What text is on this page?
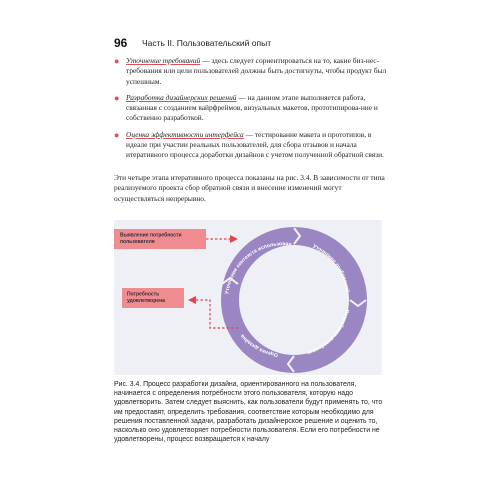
96 Часть II. Пользовательский опыт
● Уточнение требований — здесь следует сориентироваться на то, какие биз-нес-требования или цели пользователей должны быть достигнуты, чтобы продукт был успешным.
● Разработка дизайнерских решений — на данном этапе выполняется работа, связанная с созданием вайрфреймов, визуальных макетов, прототипирова-ние и собственно разработкой.
● Оценка эффективности интерфейса — тестирование макета и прототипов, в идеале при участии реальных пользователей, для сбора отзывов и начала итеративного процесса доработки дизайнов с учетом полученной обратной связи.
Эти четыре этапа итеративного процесса показаны на рис. 3.4. В зависимости от типа реализуемого проекта сбор обратной связи и внесение изменений могут осуществляться непрерывно.
Уточнение контекста использован	Уточнение требований
Разработка дизайнерск
Оценка дизайна
Выявление потребности пользователя
Потребность удовлетворена
Рис. 3.4. Процесс разработки дизайна, ориентированного на пользователя, начинается с определения потребности этого пользователя, которую надо удовлетворить. Затем следует выяснить, как пользователи будут применять то, что им предоставят, определить требования, соответствие которым необходимо для решения поставленной задачи, разработать дизайнерское решение и оценить то, насколько оно удовлетворяет потребности пользователя. Если его потребности не удовлетворены, процесс возвращается к началу
